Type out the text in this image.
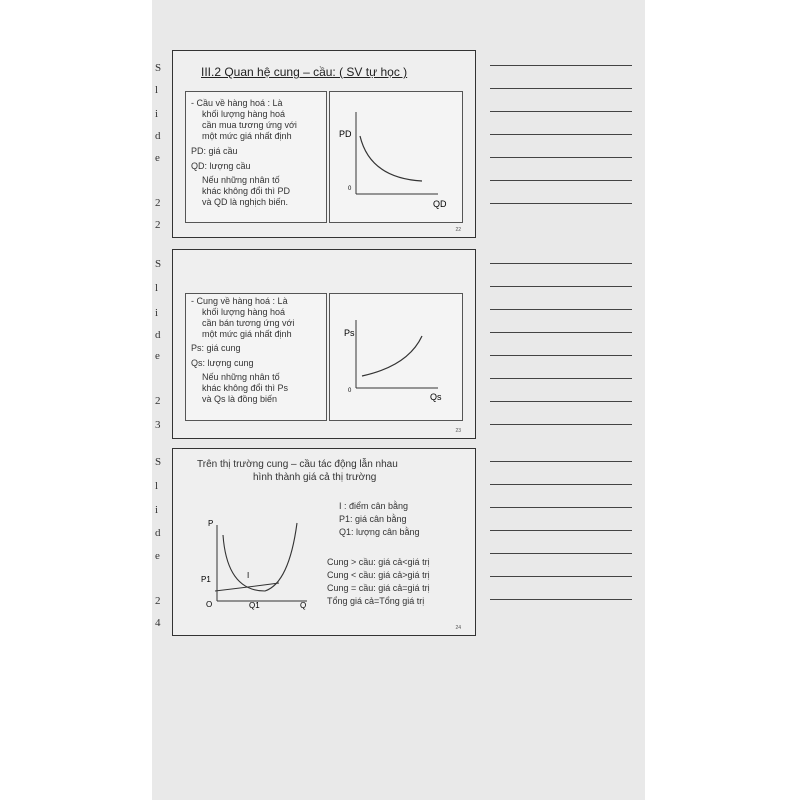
S
l
i
d
e
2
2
S
l
i
d
e
2
3
S
l
i
d
e
2
4
III.2 Quan hệ cung – cầu: ( SV tự học )
- Cầu về hàng hoá : Là
khối lượng hàng hoá
cần mua tương ứng với
một mức giá nhất định
PD: giá cầu
QD: lượng cầu
Nếu những nhân tố
khác không đổi thì PD
và QD là nghịch biến.
PD
0
QD
22
- Cung về hàng hoá : Là
khối lượng hàng hoá
cần bán tương ứng với
một mức giá nhất định
Ps: giá cung
Qs: lượng cung
Nếu những nhân tố
khác không đổi thì Ps
và Qs là đồng biến
Ps
0
Qs
23
Trên thị trường cung – cầu tác động lẫn nhau
hình thành giá cả thị trường
P
P1	I
O	Q1	Q
I : điểm cân bằng
P1: giá cân bằng
Q1: lượng cân bằng
Cung > cầu: giá cả<giá trị
Cung < cầu: giá cả>giá trị
Cung = cầu: giá cả=giá trị
Tổng giá cả=Tổng giá trị
24
